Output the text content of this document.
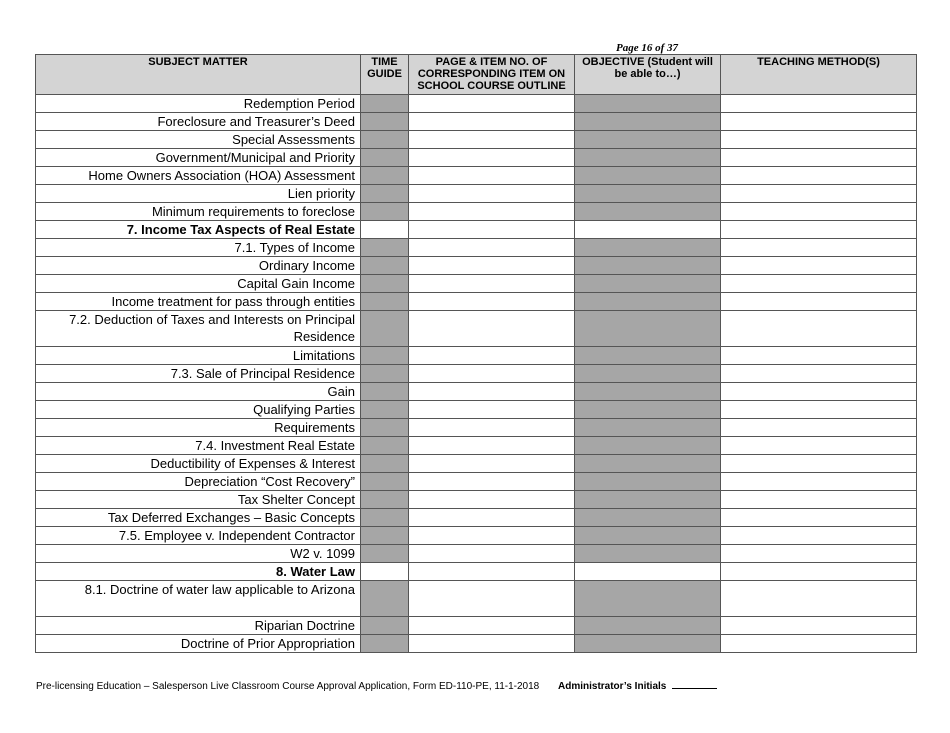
Page 16 of 37
SUBJECT MATTER	TIME GUIDE	PAGE & ITEM NO. OF CORRESPONDING ITEM ON SCHOOL COURSE OUTLINE	OBJECTIVE (Student will be able to…)	TEACHING METHOD(S)
Redemption Period				
Foreclosure and Treasurer’s Deed				
Special Assessments				
Government/Municipal and Priority				
Home Owners Association (HOA) Assessment				
Lien priority				
Minimum requirements to foreclose				
7. Income Tax Aspects of Real Estate				
7.1. Types of Income				
Ordinary Income				
Capital Gain Income				
Income treatment for pass through entities				
7.2. Deduction of Taxes and Interests on Principal Residence				
Limitations				
7.3. Sale of Principal Residence				
Gain				
Qualifying Parties				
Requirements				
7.4. Investment Real Estate				
Deductibility of Expenses & Interest				
Depreciation “Cost Recovery”				
Tax Shelter Concept				
Tax Deferred Exchanges – Basic Concepts				
7.5. Employee v. Independent Contractor				
W2 v. 1099				
8. Water Law				
8.1. Doctrine of water law applicable to Arizona				
Riparian Doctrine				
Doctrine of Prior Appropriation				
Pre-licensing Education – Salesperson Live Classroom Course Approval Application, Form ED-110-PE, 11-1-2018 Administrator’s Initials
